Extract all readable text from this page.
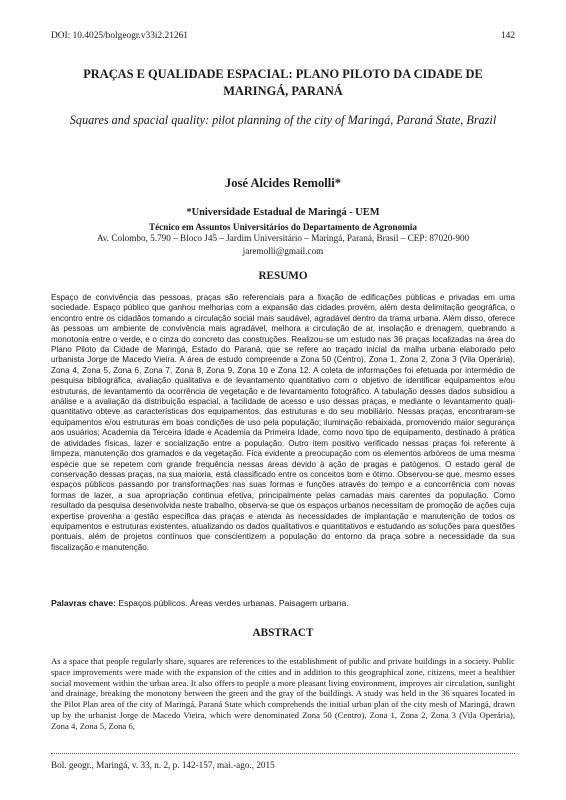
DOI: 10.4025/bolgeogr.v33i2.21261	142
PRAÇAS E QUALIDADE ESPACIAL: PLANO PILOTO DA CIDADE DE MARINGÁ, PARANÁ
Squares and spacial quality: pilot planning of the city of Maringá, Paraná State, Brazil
José Alcides Remolli*
*Universidade Estadual de Maringá - UEM
Técnico em Assuntos Universitários do Departamento de Agronomia
Av. Colombo, 5.790 – Bloco J45 – Jardim Universitário – Maringá, Paraná, Brasil – CEP: 87020-900
jaremolli@gmail.com
RESUMO
Espaço de convivência das pessoas, praças são referenciais para a fixação de edificações públicas e privadas em uma sociedade. Espaço público que ganhou melhorias com a expansão das cidades provém, além desta delimitação geográfica, o encontro entre os cidadãos tornando a circulação social mais saudável, agradável dentro da trama urbana. Além disso, oferece às pessoas um ambiente de convivência mais agradável, melhora a circulação de ar, insolação e drenagem, quebrando a monotonia entre o verde, e o cinza do concreto das construções. Realizou-se um estudo nas 36 praças localizadas na área do Plano Piloto da Cidade de Maringá, Estado do Paraná, que se refere ao traçado inicial da malha urbana elaborado pelo urbanista Jorge de Macedo Vieira. A área de estudo compreende a Zona 50 (Centro), Zona 1, Zona 2, Zona 3 (Vila Operária), Zona 4, Zona 5, Zona 6, Zona 7, Zona 8, Zona 9, Zona 10 e Zona 12. A coleta de informações foi efetuada por intermédio de pesquisa bibliográfica, avaliação qualitativa e de levantamento quantitativo com o objetivo de identificar equipamentos e/ou estruturas, de levantamento da ocorrência de vegetação e de levantamento fotográfico. A tabulação desses dados subsidiou a análise e a avaliação da distribuição espacial, a facilidade de acesso e uso dessas praças, e mediante o levantamento quali-quantitativo obteve as características dos equipamentos, das estruturas e do seu mobiliário. Nessas praças, encontraram-se equipamentos e/ou estruturas em boas condições de uso pela população; iluminação rebaixada, promovendo maior segurança aos usuários; Academia da Terceira Idade e Academia da Primeira Idade, como novo tipo de equipamento, destinado à prática de atividades físicas, lazer e socialização entre a população. Outro item positivo verificado nessas praças foi referente à limpeza, manutenção dos gramados e da vegetação. Fica evidente a preocupação com os elementos arbóreos de uma mesma espécie que se repetem com grande frequência nessas áreas devido à ação de pragas e patógenos. O estado geral de conservação dessas praças, na sua maioria, está classificado entre os conceitos bom e ótimo. Observou-se que, mesmo esses espaços públicos passando por transformações nas suas formas e funções através do tempo e a concorrência com novas formas de lazer, a sua apropriação continua efetiva, principalmente pelas camadas mais carentes da população. Como resultado da pesquisa desenvolvida neste trabalho, observa-se que os espaços urbanos necessitam de promoção de ações cuja expertise provenha a gestão específica das praças e atenda às necessidades de implantação e manutenção de todos os equipamentos e estruturas existentes, atualizando os dados qualitativos e quantitativos e estudando as soluções para questões pontuais, além de projetos contínuos que conscientizem a população do entorno da praça sobre a necessidade da sua fiscalização e manutenção.
Palavras chave: Espaços públicos. Áreas verdes urbanas. Paisagem urbana.
ABSTRACT
As a space that people regularly share, squares are references to the establishment of public and private buildings in a society. Public space improvements were made with the expansion of the cities and in addition to this geographical zone, citizens, meet a healthier social movement within the urban area. It also offers to people a more pleasant living environment, improves air circulation, sunlight and drainage, breaking the monotony between the green and the gray of the buildings. A study was held in the 36 squares located in the Pilot Plan area of the city of Maringá, Paraná State which comprehends the initial urban plan of the city mesh of Maringá, drawn up by the urbanist Jorge de Macedo Vieira, which were denominated Zona 50 (Centro), Zona 1, Zona 2, Zona 3 (Vila Operária), Zona 4, Zona 5, Zona 6,
Bol. geogr., Maringá, v. 33, n. 2, p. 142-157, mai.-ago., 2015
